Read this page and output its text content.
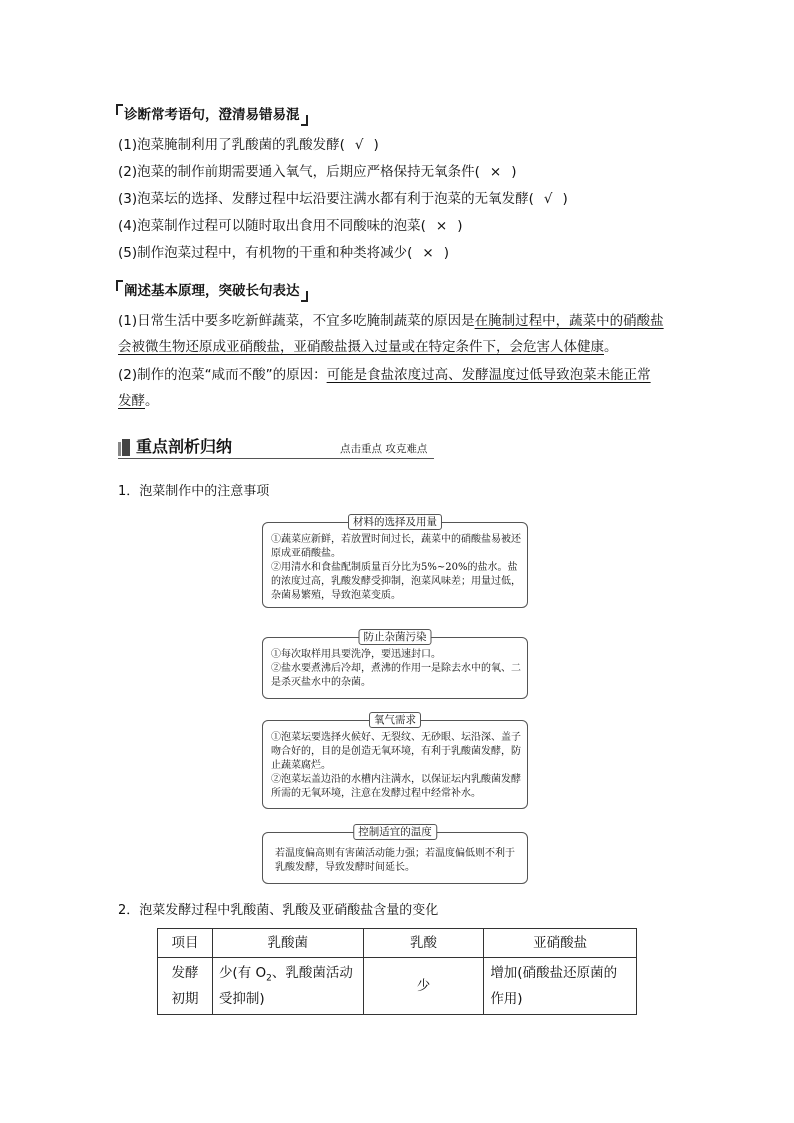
诊断常考语句，澄清易错易混
(1)泡菜腌制利用了乳酸菌的乳酸发酵( √ )
(2)泡菜的制作前期需要通入氧气，后期应严格保持无氧条件( × )
(3)泡菜坛的选择、发酵过程中坛沿要注满水都有利于泡菜的无氧发酵( √ )
(4)泡菜制作过程可以随时取出食用不同酸味的泡菜( × )
(5)制作泡菜过程中，有机物的干重和种类将减少( × )
阐述基本原理，突破长句表达
(1)日常生活中要多吃新鲜蔬菜，不宜多吃腌制蔬菜的原因是在腌制过程中，蔬菜中的硝酸盐
会被微生物还原成亚硝酸盐，亚硝酸盐摄入过量或在特定条件下，会危害人体健康。
(2)制作的泡菜“咸而不酸”的原因：可能是食盐浓度过高、发酵温度过低导致泡菜未能正常
发酵。
重点剖析归纳	点击重点 攻克难点
1．泡菜制作中的注意事项
材料的选择及用量
①蔬菜应新鲜，若放置时间过长，蔬菜中的硝酸盐易被还原成亚硝酸盐。
②用清水和食盐配制质量百分比为5%~20%的盐水。盐的浓度过高，乳酸发酵受抑制，泡菜风味差；用量过低，杂菌易繁殖，导致泡菜变质。
防止杂菌污染
①每次取样用具要洗净，要迅速封口。
②盐水要煮沸后冷却，煮沸的作用一是除去水中的氧、二是杀灭盐水中的杂菌。
氧气需求
①泡菜坛要选择火候好、无裂纹、无砂眼、坛沿深、盖子吻合好的，目的是创造无氧环境，有利于乳酸菌发酵，防止蔬菜腐烂。
②泡菜坛盖边沿的水槽内注满水，以保证坛内乳酸菌发酵所需的无氧环境，注意在发酵过程中经常补水。
控制适宜的温度
若温度偏高则有害菌活动能力强；若温度偏低则不利于乳酸发酵，导致发酵时间延长。
2．泡菜发酵过程中乳酸菌、乳酸及亚硝酸盐含量的变化
项目	乳酸菌	乳酸	亚硝酸盐
发酵初期	少(有 $O_2$、乳酸菌活动受抑制)	少	增加(硝酸盐还原菌的作用)
